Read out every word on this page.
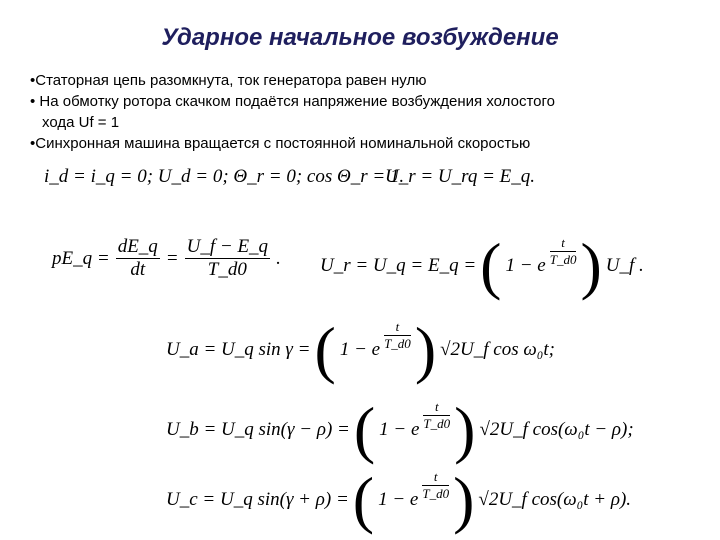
Ударное начальное возбуждение

•Статорная цепь разомкнута, ток генератора равен нулю

• На обмотку ротора скачком подаётся напряжение возбуждения холостого

хода Uf = 1

•Синхронная машина вращается с постоянной номинальной скоростью

i_d = i_q = 0; U_d = 0; Θ_r = 0; cos Θ_r = 1.
U_r = U_rq = E_q.
pE_q = $\frac{dE\_q}{dt} = \frac{U\_f - E\_q}{T\_d0}$ . U_r = U_q = E_q = ( 1 − e
t
T_d0 ) U_f .
U_a = U_q sin γ = ( 1 − e
t
T_d0 ) √2U_f cos ω₀t;
U_b = U_q sin(γ − ρ) = ( 1 − e
t
T_d0 ) √2U_f cos(ω₀t − ρ);
U_c = U_q sin(γ + ρ) = ( 1 − e
t
T_d0 ) √2U_f cos(ω₀t + ρ).
